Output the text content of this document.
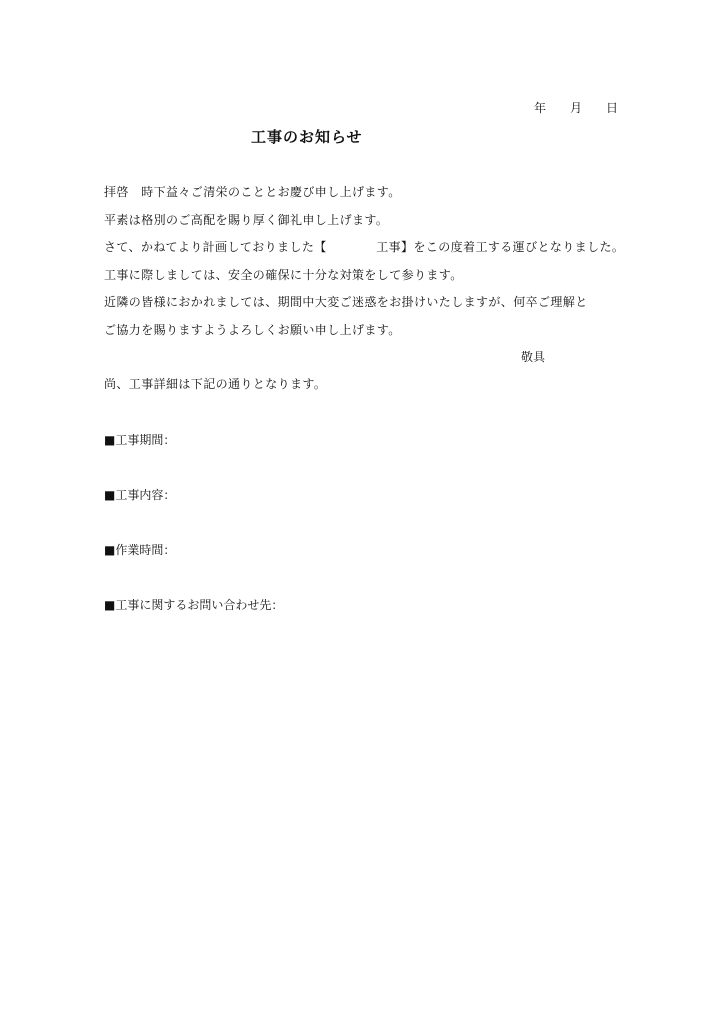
年　　月　　日
工事のお知らせ
拝啓　時下益々ご清栄のこととお慶び申し上げます。
平素は格別のご高配を賜り厚く御礼申し上げます。
さて、かねてより計画しておりました【　　　　工事】をこの度着工する運びとなりました。
工事に際しましては、安全の確保に十分な対策をして参ります。
近隣の皆様におかれましては、期間中大変ご迷惑をお掛けいたしますが、何卒ご理解と
ご協力を賜りますようよろしくお願い申し上げます。
敬具
尚、工事詳細は下記の通りとなります。
■工事期間：
■工事内容：
■作業時間：
■工事に関するお問い合わせ先：
